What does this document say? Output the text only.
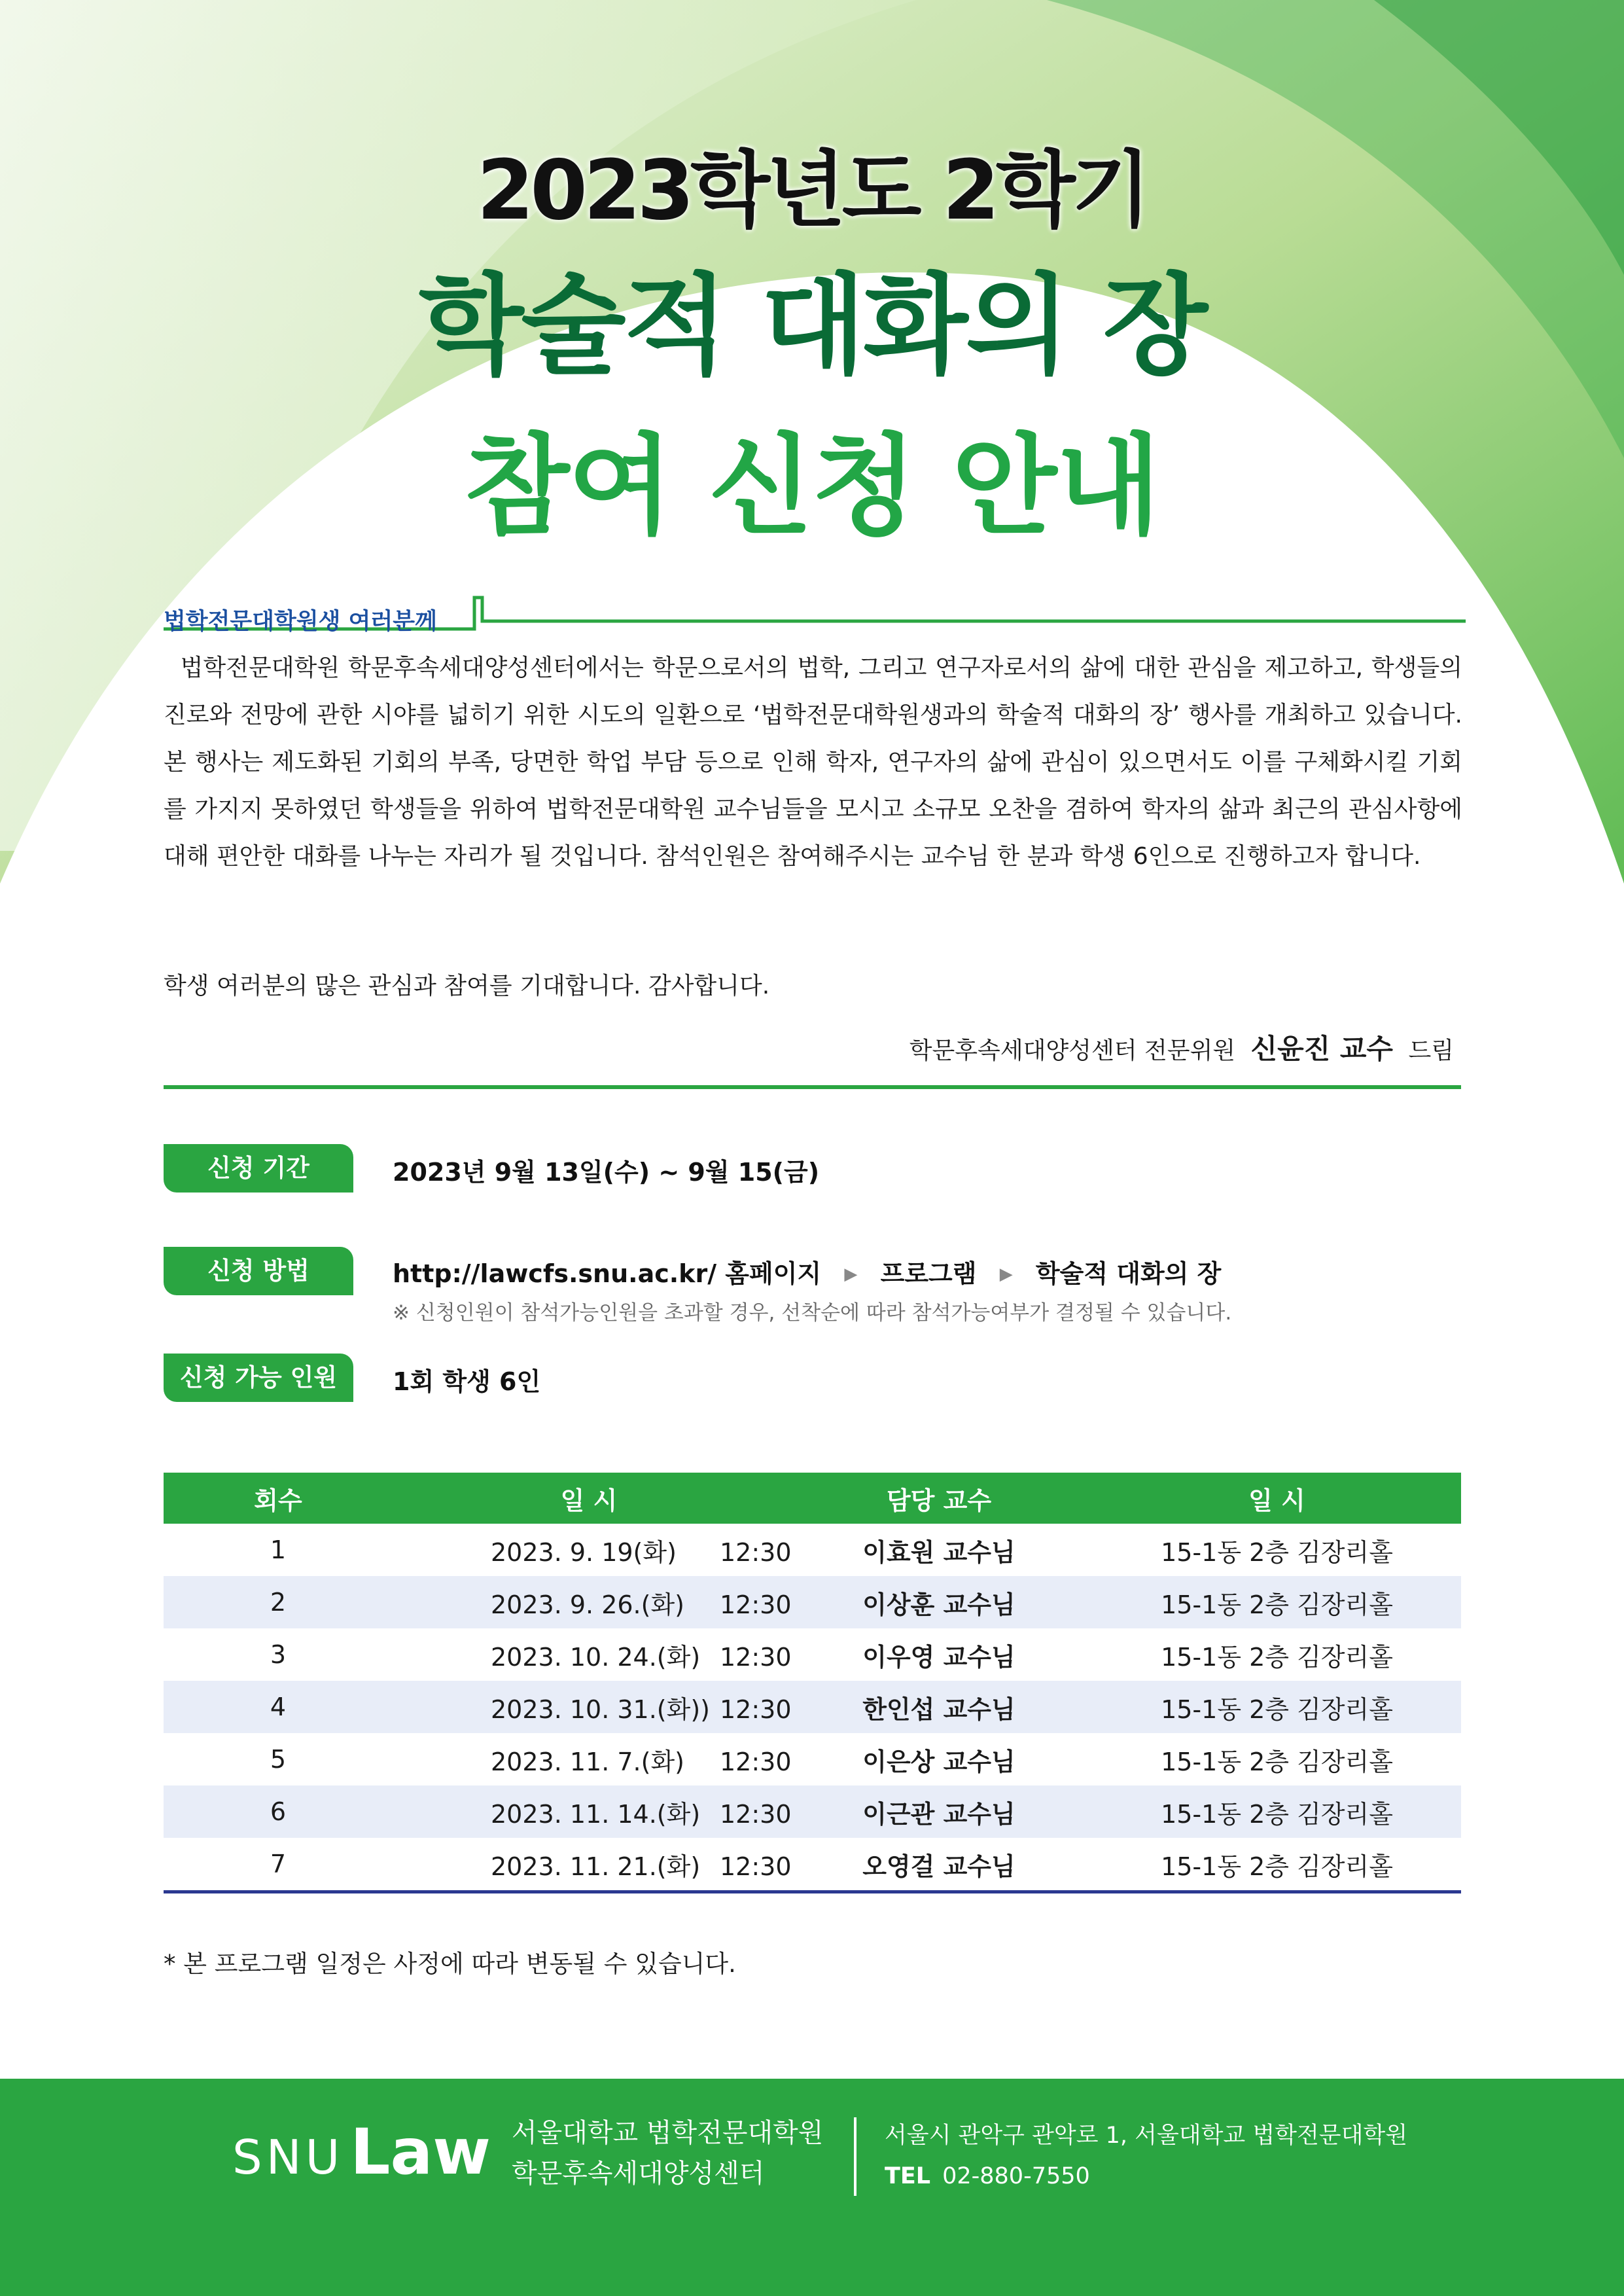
2023학년도 2학기
학술적 대화의 장
참여 신청 안내
법학전문대학원생 여러분께
법학전문대학원 학문후속세대양성센터에서는 학문으로서의 법학, 그리고 연구자로서의 삶에 대한 관심을 제고하고, 학생들의 진로와 전망에 관한 시야를 넓히기 위한 시도의 일환으로 ‘법학전문대학원생과의 학술적 대화의 장’ 행사를 개최하고 있습니다. 본 행사는 제도화된 기회의 부족, 당면한 학업 부담 등으로 인해 학자, 연구자의 삶에 관심이 있으면서도 이를 구체화시킬 기회를 가지지 못하였던 학생들을 위하여 법학전문대학원 교수님들을 모시고 소규모 오찬을 겸하여 학자의 삶과 최근의 관심사항에 대해 편안한 대화를 나누는 자리가 될 것입니다. 참석인원은 참여해주시는 교수님 한 분과 학생 6인으로 진행하고자 합니다.
학생 여러분의 많은 관심과 참여를 기대합니다. 감사합니다.
학문후속세대양성센터 전문위원 신윤진 교수 드림
신청 기간	2023년 9월 13일(수) ~ 9월 15(금)
신청 방법	http://lawcfs.snu.ac.kr/ 홈페이지 ▶ 프로그램 ▶ 학술적 대화의 장
※ 신청인원이 참석가능인원을 초과할 경우, 선착순에 따라 참석가능여부가 결정될 수 있습니다.
신청 가능 인원	1회 학생 6인
회수	일 시	담당 교수	일 시
1	2023. 9. 19(화) 12:30	이효원 교수님	15-1동 2층 김장리홀
2	2023. 9. 26.(화) 12:30	이상훈 교수님	15-1동 2층 김장리홀
3	2023. 10. 24.(화) 12:30	이우영 교수님	15-1동 2층 김장리홀
4	2023. 10. 31.(화)) 12:30	한인섭 교수님	15-1동 2층 김장리홀
5	2023. 11. 7.(화) 12:30	이은상 교수님	15-1동 2층 김장리홀
6	2023. 11. 14.(화) 12:30	이근관 교수님	15-1동 2층 김장리홀
7	2023. 11. 21.(화) 12:30	오영걸 교수님	15-1동 2층 김장리홀
* 본 프로그램 일정은 사정에 따라 변동될 수 있습니다.
SNU Law 서울대학교 법학전문대학원
학문후속세대양성센터
서울시 관악구 관악로 1, 서울대학교 법학전문대학원
TEL 02-880-7550
